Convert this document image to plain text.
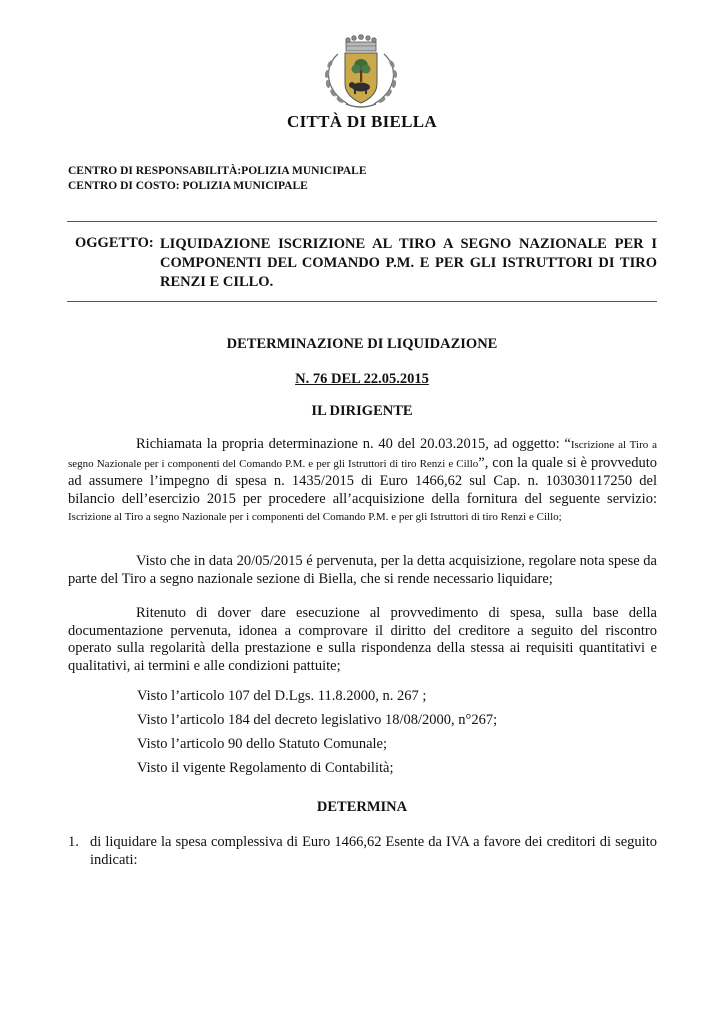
CITTÀ DI BIELLA
CENTRO DI RESPONSABILITÀ:POLIZIA MUNICIPALE
CENTRO DI COSTO: POLIZIA MUNICIPALE
OGGETTO: LIQUIDAZIONE ISCRIZIONE AL TIRO A SEGNO NAZIONALE PER I COMPONENTI DEL COMANDO P.M. E PER GLI ISTRUTTORI DI TIRO RENZI E CILLO.
DETERMINAZIONE DI LIQUIDAZIONE
N. 76 DEL 22.05.2015
IL DIRIGENTE
Richiamata la propria determinazione n. 40 del 20.03.2015, ad oggetto: “Iscrizione al Tiro a segno Nazionale per i componenti del Comando P.M. e per gli Istruttori di tiro Renzi e Cillo”, con la quale si è provveduto ad assumere l’impegno di spesa n. 1435/2015 di Euro 1466,62 sul Cap. n. 103030117250 del bilancio dell’esercizio 2015 per procedere all’acquisizione della fornitura del seguente servizio: Iscrizione al Tiro a segno Nazionale per i componenti del Comando P.M. e per gli Istruttori di tiro Renzi e Cillo;
Visto che in data 20/05/2015 é pervenuta, per la detta acquisizione, regolare nota spese da parte del Tiro a segno nazionale sezione di Biella, che si rende necessario liquidare;
Ritenuto di dover dare esecuzione al provvedimento di spesa, sulla base della documentazione pervenuta, idonea a comprovare il diritto del creditore a seguito del riscontro operato sulla regolarità della prestazione e sulla rispondenza della stessa ai requisiti quantitativi e qualitativi, ai termini e alle condizioni pattuite;
Visto l’articolo 107 del D.Lgs. 11.8.2000, n. 267 ;
Visto l’articolo 184 del decreto legislativo 18/08/2000, n°267;
Visto l’articolo 90 dello Statuto Comunale;
Visto il vigente Regolamento di Contabilità;
DETERMINA
1. di liquidare la spesa complessiva di Euro 1466,62 Esente da IVA a favore dei creditori di seguito indicati:
